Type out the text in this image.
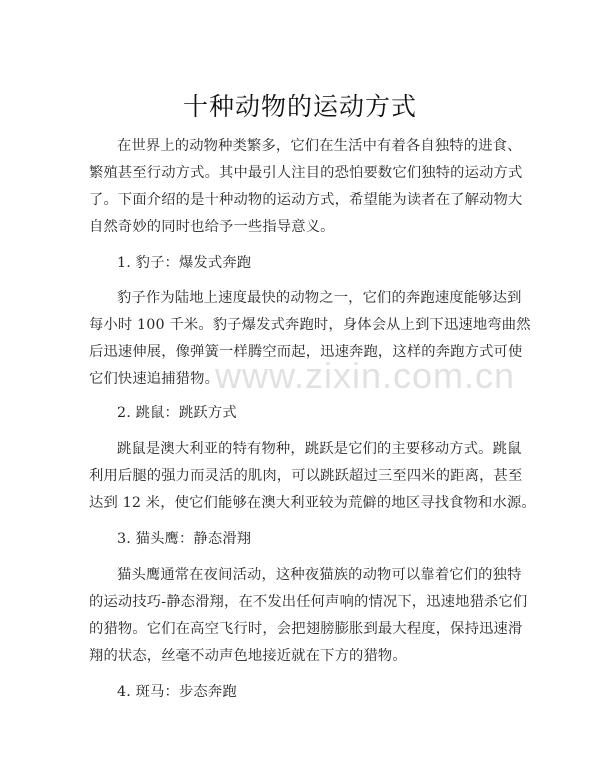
十种动物的运动方式
在世界上的动物种类繁多，它们在生活中有着各自独特的进食、
繁殖甚至行动方式。其中最引人注目的恐怕要数它们独特的运动方式
了。下面介绍的是十种动物的运动方式，希望能为读者在了解动物大
自然奇妙的同时也给予一些指导意义。
1. 豹子：爆发式奔跑
豹子作为陆地上速度最快的动物之一，它们的奔跑速度能够达到
每小时 100 千米。豹子爆发式奔跑时，身体会从上到下迅速地弯曲然
后迅速伸展，像弹簧一样腾空而起，迅速奔跑，这样的奔跑方式可使
它们快速追捕猎物。
2. 跳鼠：跳跃方式
跳鼠是澳大利亚的特有物种，跳跃是它们的主要移动方式。跳鼠
利用后腿的强力而灵活的肌肉，可以跳跃超过三至四米的距离，甚至
达到 12 米，使它们能够在澳大利亚较为荒僻的地区寻找食物和水源。
3. 猫头鹰：静态滑翔
猫头鹰通常在夜间活动，这种夜猫族的动物可以靠着它们的独特
的运动技巧-静态滑翔，在不发出任何声响的情况下，迅速地猎杀它们
的猎物。它们在高空飞行时，会把翅膀膨胀到最大程度，保持迅速滑
翔的状态，丝毫不动声色地接近就在下方的猎物。
4. 斑马：步态奔跑
www.zixin.com.cn
